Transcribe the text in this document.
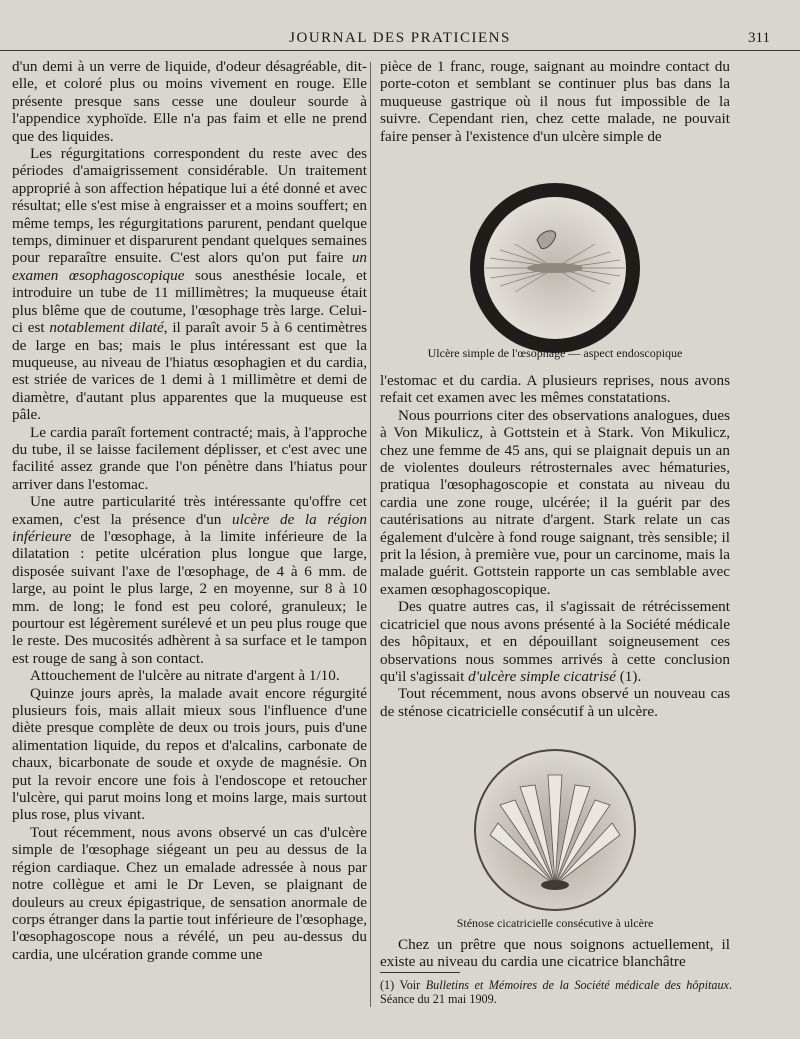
JOURNAL DES PRATICIENS	311

d'un demi à un verre de liquide, d'odeur désagréable, dit-elle, et coloré plus ou moins vivement en rouge. Elle présente presque sans cesse une douleur sourde à l'appendice xyphoïde. Elle n'a pas faim et elle ne prend que des liquides.

Les régurgitations correspondent du reste avec des périodes d'amaigrissement considérable. Un traitement approprié à son affection hépatique lui a été donné et avec résultat; elle s'est mise à engraisser et a moins souffert; en même temps, les régurgitations parurent, pendant quelque temps, diminuer et disparurent pendant quelques semaines pour reparaître ensuite. C'est alors qu'on put faire un examen œsophagoscopique sous anesthésie locale, et introduire un tube de 11 millimètres; la muqueuse était plus blême que de coutume, l'œsophage très large. Celui-ci est notablement dilaté, il paraît avoir 5 à 6 centimètres de large en bas; mais le plus intéressant est que la muqueuse, au niveau de l'hiatus œsophagien et du cardia, est striée de varices de 1 demi à 1 millimètre et demi de diamètre, d'autant plus apparentes que la muqueuse est pâle.

Le cardia paraît fortement contracté; mais, à l'approche du tube, il se laisse facilement déplisser, et c'est avec une facilité assez grande que l'on pénètre dans l'hiatus pour arriver dans l'estomac.

Une autre particularité très intéressante qu'offre cet examen, c'est la présence d'un ulcère de la région inférieure de l'œsophage, à la limite inférieure de la dilatation : petite ulcération plus longue que large, disposée suivant l'axe de l'œsophage, de 4 à 6 mm. de large, au point le plus large, 2 en moyenne, sur 8 à 10 mm. de long; le fond est peu coloré, granuleux; le pourtour est légèrement surélevé et un peu plus rouge que le reste. Des mucosités adhèrent à sa surface et le tampon est rouge de sang à son contact.

Attouchement de l'ulcère au nitrate d'argent à 1/10.

Quinze jours après, la malade avait encore régurgité plusieurs fois, mais allait mieux sous l'influence d'une diète presque complète de deux ou trois jours, puis d'une alimentation liquide, du repos et d'alcalins, carbonate de chaux, bicarbonate de soude et oxyde de magnésie. On put la revoir encore une fois à l'endoscope et retoucher l'ulcère, qui parut moins long et moins large, mais surtout plus rose, plus vivant.

Tout récemment, nous avons observé un cas d'ulcère simple de l'œsophage siégeant un peu au dessus de la région cardiaque. Chez un emalade adressée à nous par notre collègue et ami le Dr Leven, se plaignant de douleurs au creux épigastrique, de sensation anormale de corps étranger dans la partie tout inférieure de l'œsophage, l'œsophagoscope nous a révélé, un peu au-dessus du cardia, une ulcération grande comme une

pièce de 1 franc, rouge, saignant au moindre contact du porte-coton et semblant se continuer plus bas dans la muqueuse gastrique où il nous fut impossible de la suivre. Cependant rien, chez cette malade, ne pouvait faire penser à l'existence d'un ulcère simple de

Ulcère simple de l'œsophage — aspect endoscopique

l'estomac et du cardia. A plusieurs reprises, nous avons refait cet examen avec les mêmes constatations.

Nous pourrions citer des observations analogues, dues à Von Mikulicz, à Gottstein et à Stark. Von Mikulicz, chez une femme de 45 ans, qui se plaignait depuis un an de violentes douleurs rétrosternales avec hématuries, pratiqua l'œsophagoscopie et constata au niveau du cardia une zone rouge, ulcérée; il la guérit par des cautérisations au nitrate d'argent. Stark relate un cas également d'ulcère à fond rouge saignant, très sensible; il prit la lésion, à première vue, pour un carcinome, mais la malade guérit. Gottstein rapporte un cas semblable avec examen œsophagoscopique.

Des quatre autres cas, il s'agissait de rétrécissement cicatriciel que nous avons présenté à la Société médicale des hôpitaux, et en dépouillant soigneusement ces observations nous sommes arrivés à cette conclusion qu'il s'agissait d'ulcère simple cicatrisé (1).

Tout récemment, nous avons observé un nouveau cas de sténose cicatricielle consécutif à un ulcère.

Sténose cicatricielle consécutive à ulcère

Chez un prêtre que nous soignons actuellement, il existe au niveau du cardia une cicatrice blanchâtre

(1) Voir Bulletins et Mémoires de la Société médicale des hôpitaux. Séance du 21 mai 1909.
